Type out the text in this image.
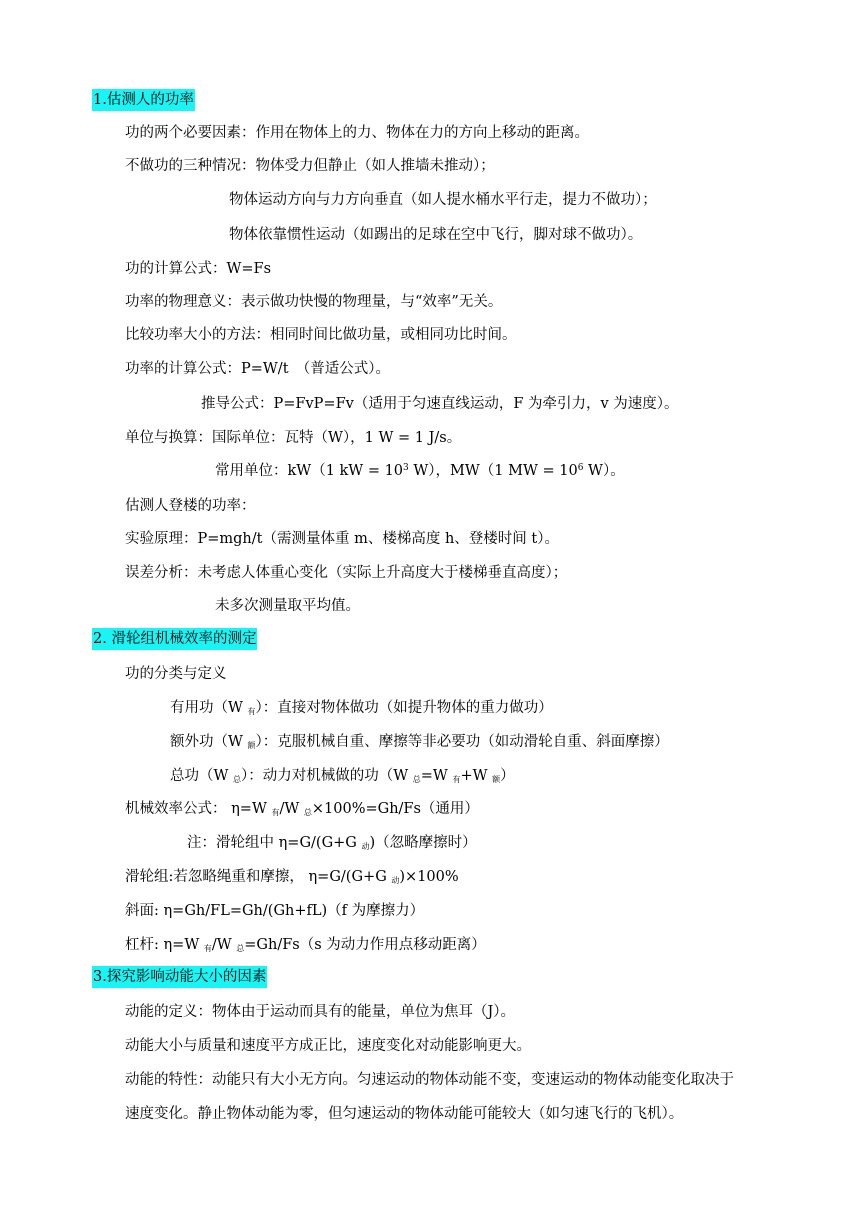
1.估测人的功率
功的两个必要因素：作用在物体上的力、物体在力的方向上移动的距离。
不做功的三种情况：物体受力但静止（如人推墙未推动）；
物体运动方向与力方向垂直（如人提水桶水平行走，提力不做功）；
物体依靠惯性运动（如踢出的足球在空中飞行，脚对球不做功）。
功的计算公式：W=Fs
功率的物理意义：表示做功快慢的物理量，与“效率”无关。
比较功率大小的方法：相同时间比做功量，或相同功比时间。
功率的计算公式：P=W/t　（普适公式）。
推导公式：P=FvP=Fv（适用于匀速直线运动，F 为牵引力，v 为速度）。
单位与换算：国际单位：瓦特（W），1 W = 1 J/s。
常用单位：kW（1 kW = $10^3$ W），MW（1 MW = $10^6$ W）。
估测人登楼的功率：
实验原理：P=mgh/t（需测量体重 m、楼梯高度 h、登楼时间 t）。
误差分析：未考虑人体重心变化（实际上升高度大于楼梯垂直高度）；
未多次测量取平均值。
2. 滑轮组机械效率的测定
功的分类与定义
有用功（W $_有$）：直接对物体做功（如提升物体的重力做功）
额外功（W $_额$）：克服机械自重、摩擦等非必要功（如动滑轮自重、斜面摩擦）
总功（W $_总$）：动力对机械做的功（W $_总$=W $_有$+W $_额$）
机械效率公式： η=W $_有$/W $_总$×100%=Gh/Fs（通用）
注：滑轮组中 η=G/(G+G $_动$)（忽略摩擦时）
滑轮组:若忽略绳重和摩擦， η=G/(G+G $_动$)×100%
斜面: η=Gh/FL=Gh/(Gh+fL)（f 为摩擦力）
杠杆: η=W $_有$/W $_总$=Gh/Fs（s 为动力作用点移动距离）
3.探究影响动能大小的因素
动能的定义：物体由于运动而具有的能量，单位为焦耳（J）。
动能大小与质量和速度平方成正比，速度变化对动能影响更大。
动能的特性：动能只有大小无方向。匀速运动的物体动能不变，变速运动的物体动能变化取决于
速度变化。静止物体动能为零，但匀速运动的物体动能可能较大（如匀速飞行的飞机）。
